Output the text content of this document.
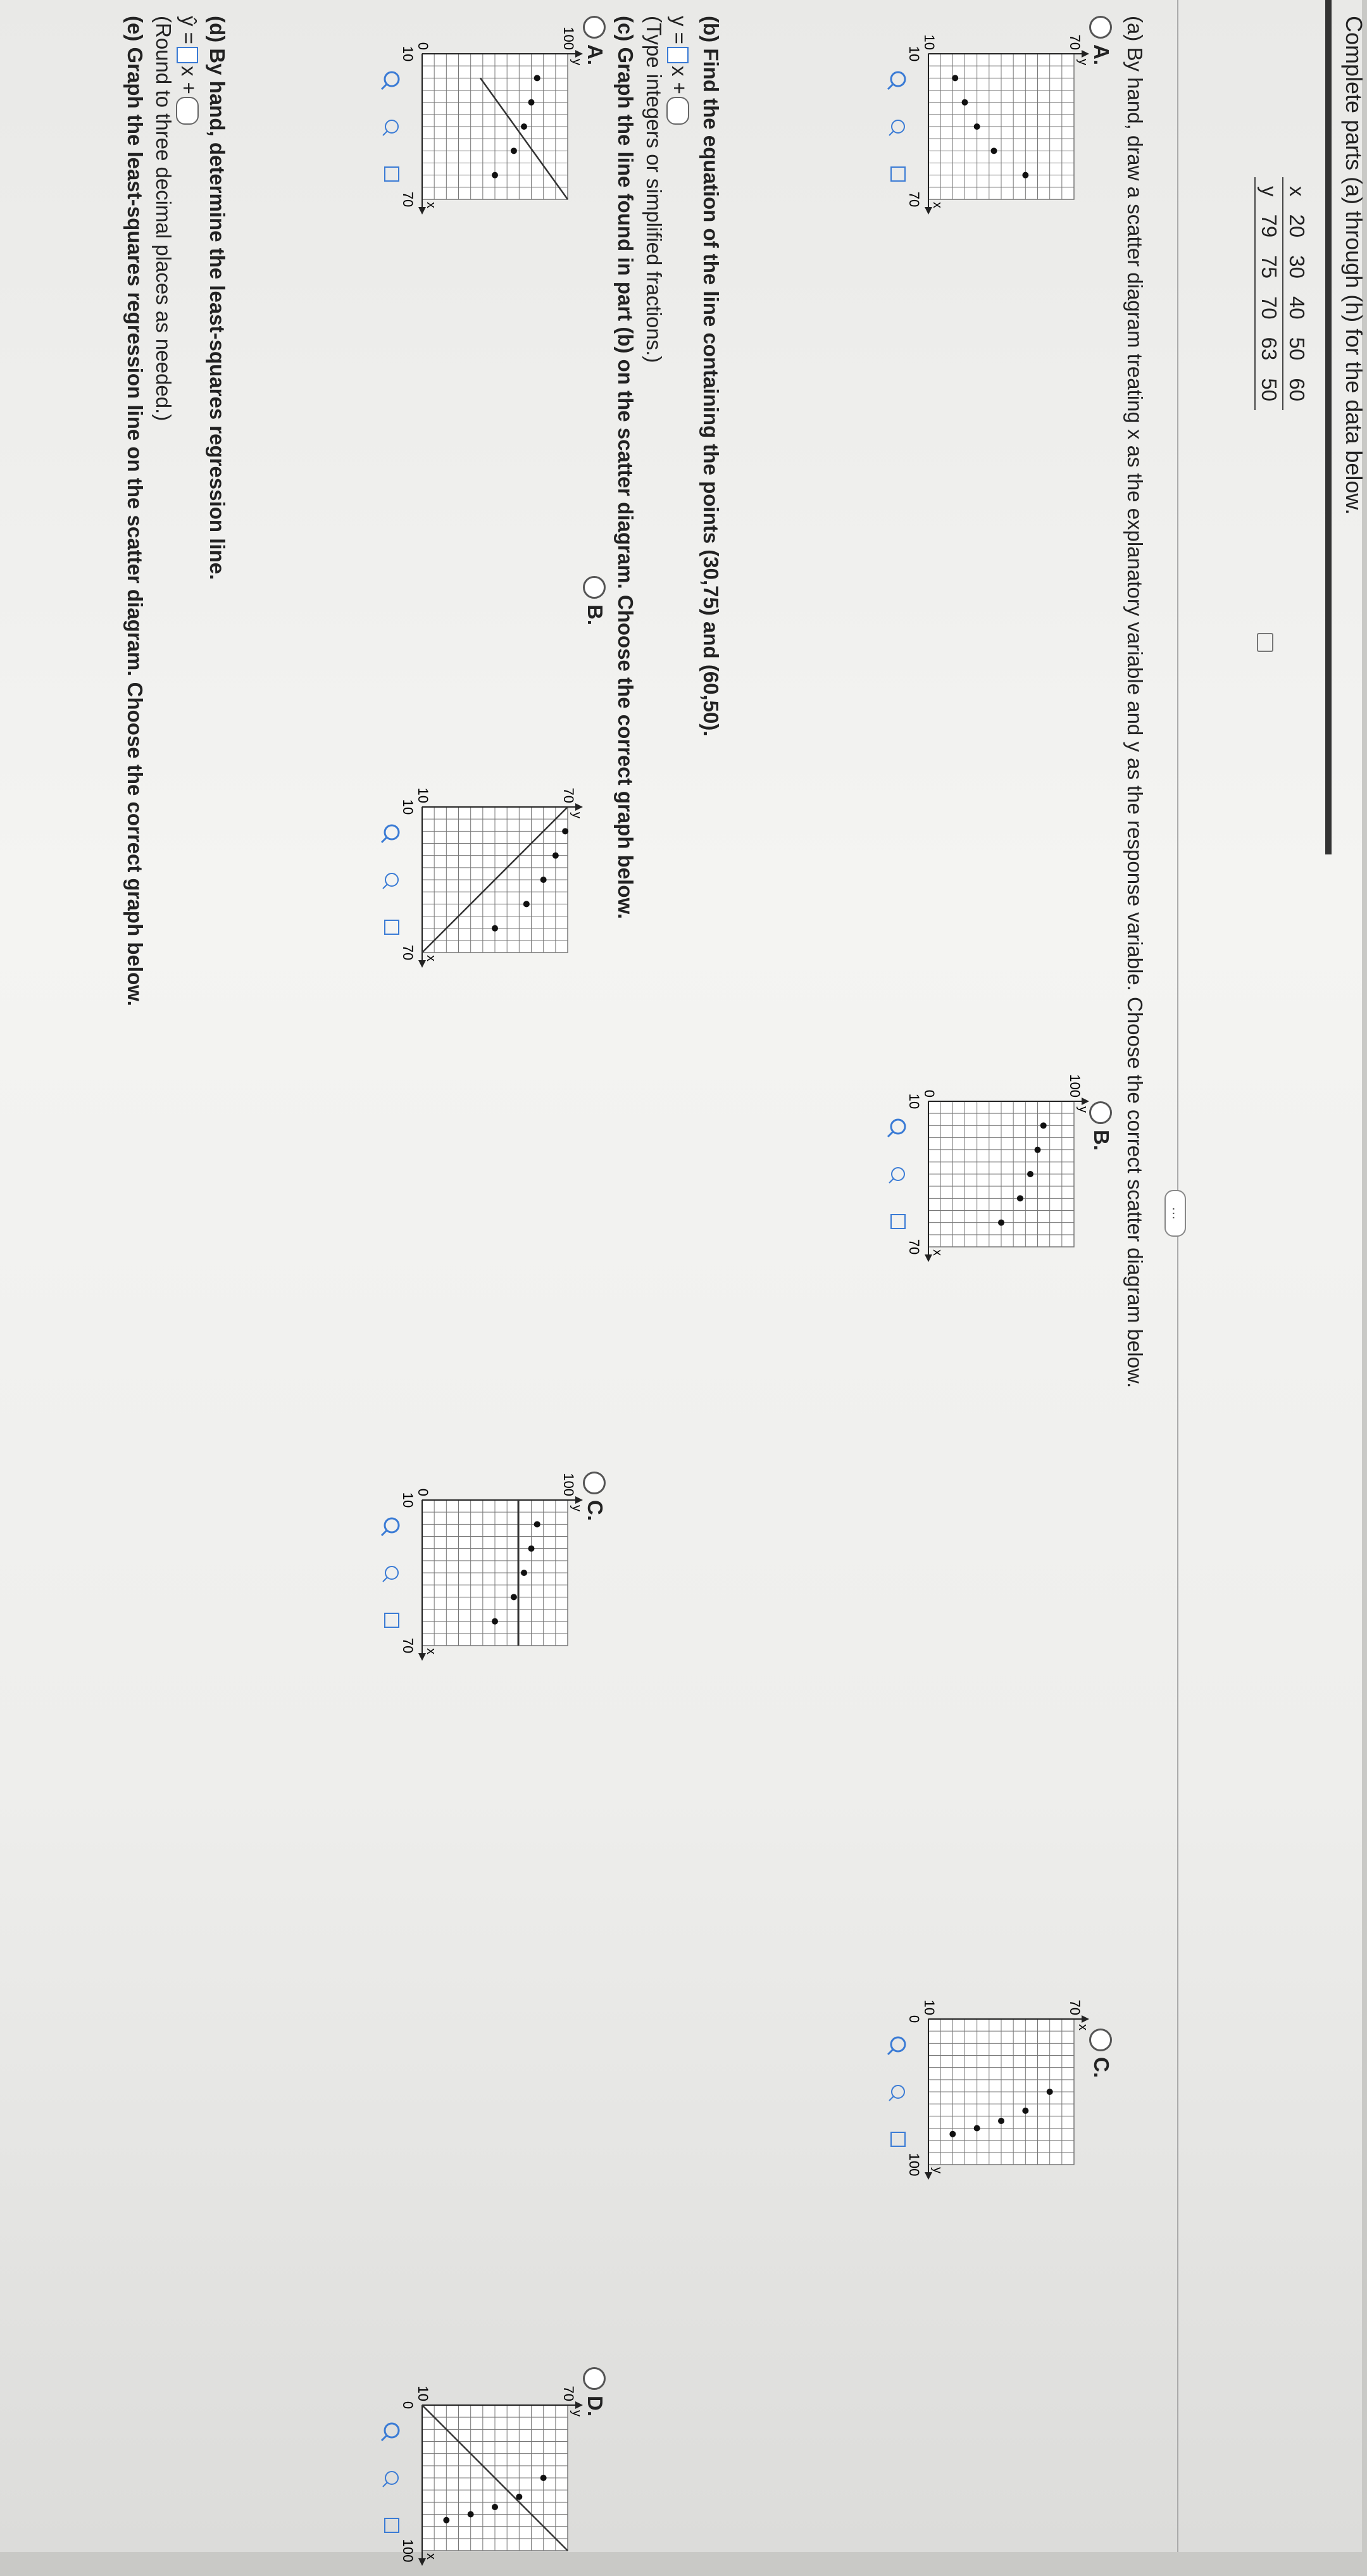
Complete parts (a) through (h) for the data below.
x	20	30	40	50	60
y	79	75	70	63	50
…
(a) By hand, draw a scatter diagram treating x as the explanatory variable and y as the response variable. Choose the correct scatter diagram below.
A.
B.
C.
y
x
70
10
10
70
y
x
100
0
10
70
x
y
70
10
0
100
(b) Find the equation of the line containing the points (30,75) and (60,50).
y =x +
(Type integers or simplified fractions.)
(c) Graph the line found in part (b) on the scatter diagram. Choose the correct graph below.
A.
B.
C.
D.
y
x
100
0
10
70
y
x
70
10
10
70
y
x
100
0
10
70
y
x
70
10
0
100
(d) By hand, determine the least-squares regression line.
ŷ =x +
(Round to three decimal places as needed.)
(e) Graph the least-squares regression line on the scatter diagram. Choose the correct graph below.
